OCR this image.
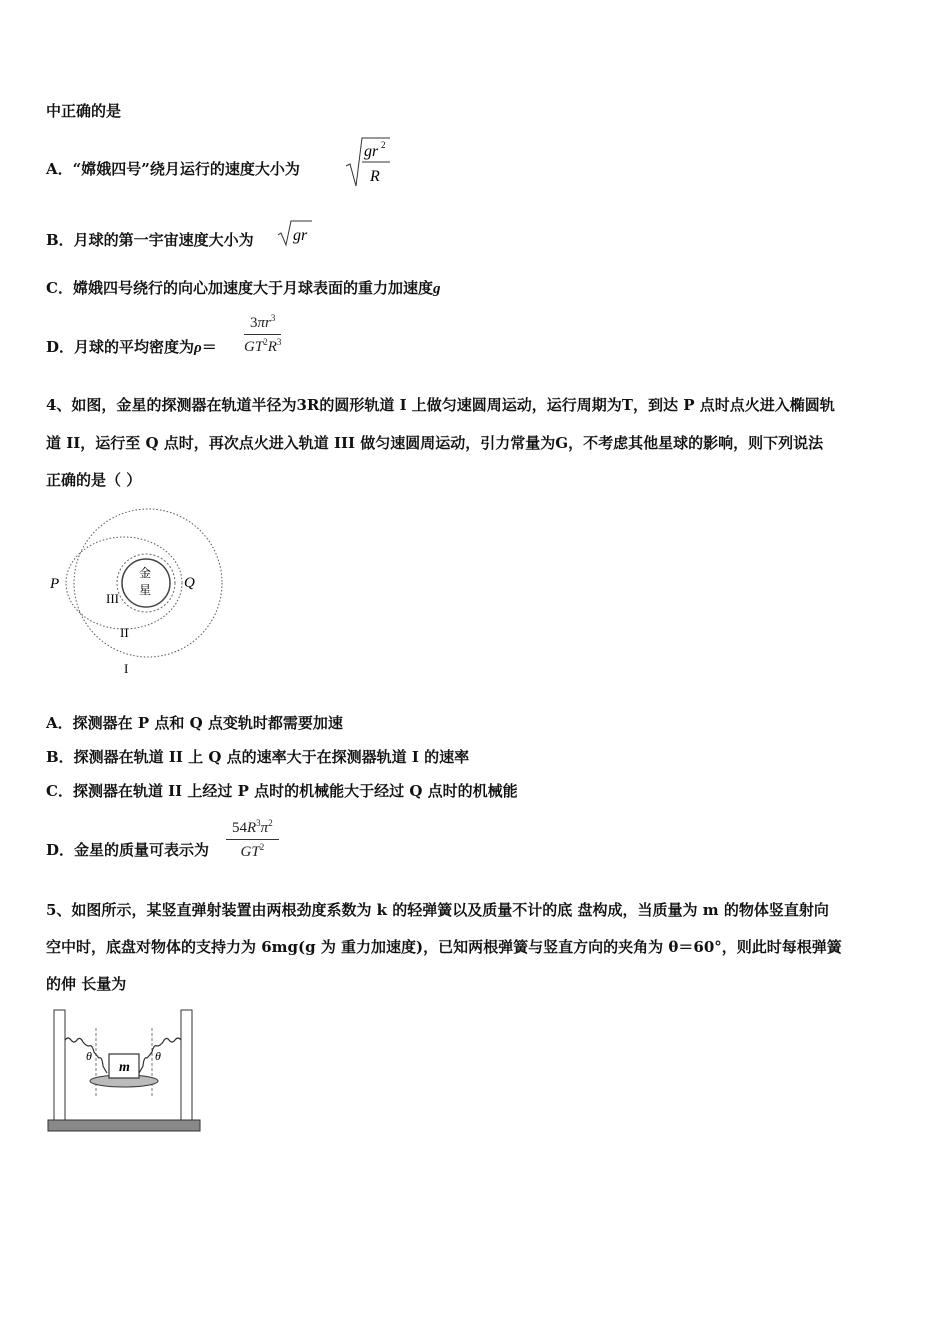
中正确的是
A．“嫦娥四号”绕月运行的速度大小为
gr 2
R
B．月球的第一宇宙速度大小为 gr
C．嫦娥四号绕行的向心加速度大于月球表面的重力加速度g
D．月球的平均密度为$\rho= \frac{3\pi r^3}{GT^2R^3}$
4、如图，金星的探测器在轨道半径为3R的圆形轨道 I 上做匀速圆周运动，运行周期为T，到达 P 点时点火进入椭圆轨
道 II，运行至 Q 点时，再次点火进入轨道 III 做匀速圆周运动，引力常量为G，不考虑其他星球的影响，则下列说法
正确的是（ ）
金
星
P	Q
III
II
I
A．探测器在 P 点和 Q 点变轨时都需要加速
B．探测器在轨道 II 上 Q 点的速率大于在探测器轨道 I 的速率
C．探测器在轨道 II 上经过 P 点时的机械能大于经过 Q 点时的机械能
D．金星的质量可表示为 $\frac{54R^3\pi^2}{GT^2}$
5、如图所示，某竖直弹射装置由两根劲度系数为 k 的轻弹簧以及质量不计的底 盘构成，当质量为 m 的物体竖直射向
空中时，底盘对物体的支持力为 6mg(g 为 重力加速度)，已知两根弹簧与竖直方向的夹角为 θ＝60°，则此时每根弹簧
的伸 长量为
m
θ	θ
